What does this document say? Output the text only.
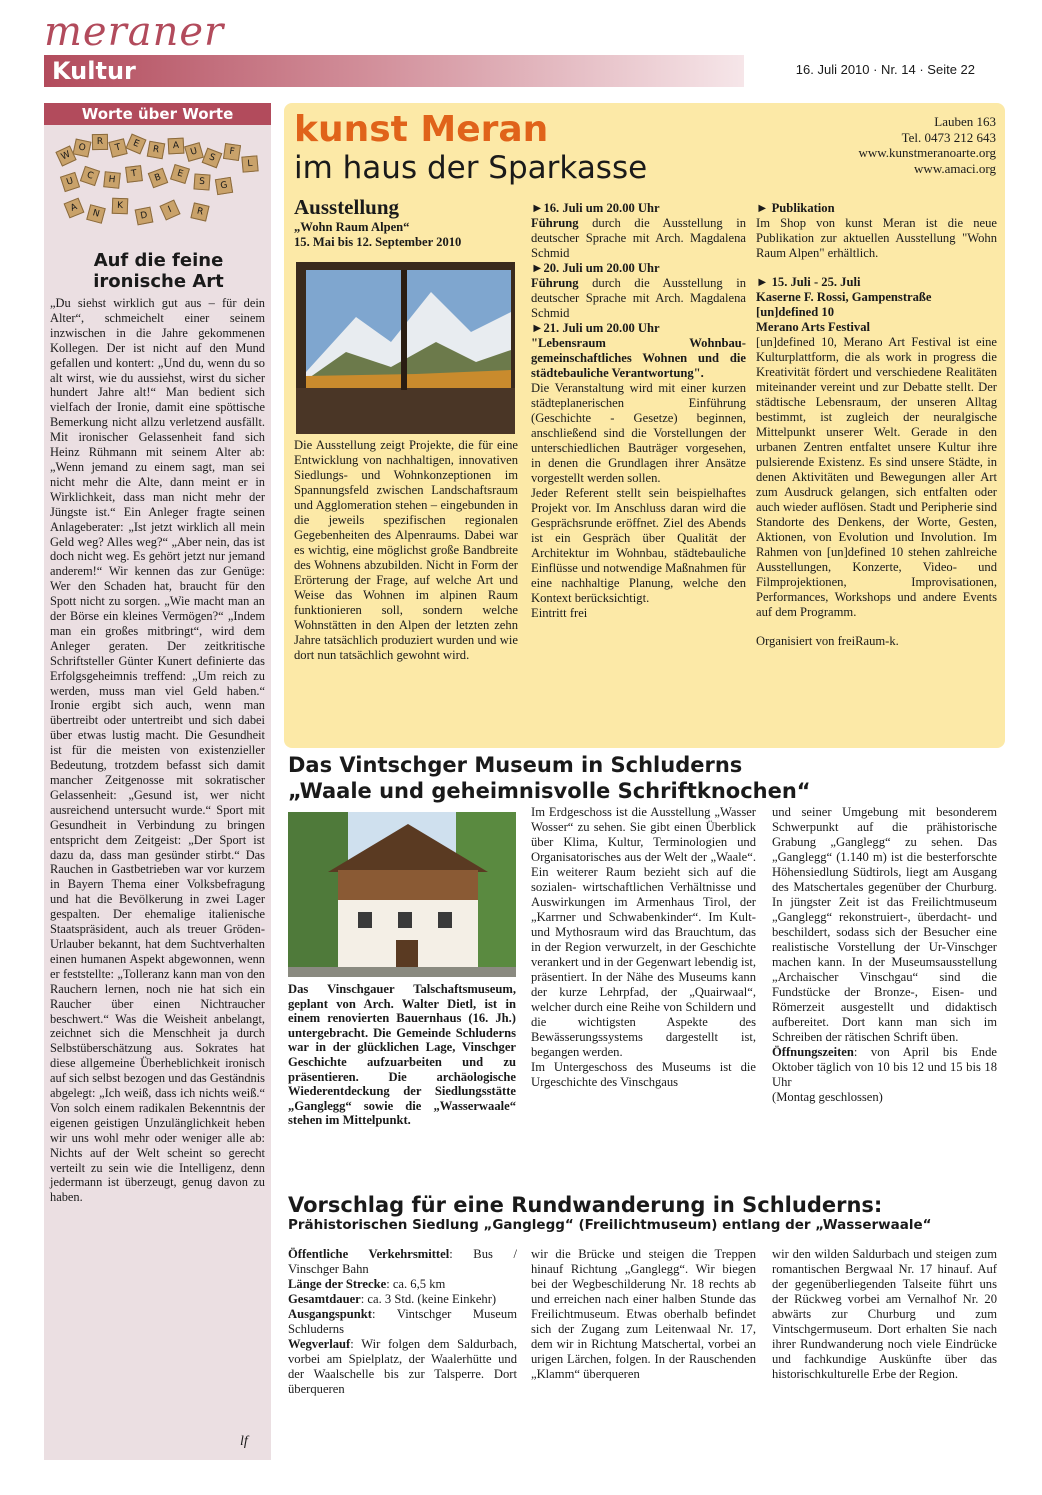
meraner
Kultur	16. Juli 2010 · Nr. 14 · Seite 22
Worte über Worte
W
O
R
T	E
R	A
U
S
F
L
U
C	H
T	B	E
S	G
A
N
K
D
I	R
Auf die feine ironische Art
„Du siehst wirklich gut aus – für dein Alter“, schmeichelt einer seinem inzwischen in die Jahre gekommenen Kollegen. Der ist nicht auf den Mund gefallen und kontert: „Und du, wenn du so alt wirst, wie du aussiehst, wirst du sicher hundert Jahre alt!“ Man bedient sich vielfach der Ironie, damit eine spöttische Bemerkung nicht allzu verletzend ausfällt. Mit ironischer Gelassenheit fand sich Heinz Rühmann mit seinem Alter ab: „Wenn jemand zu einem sagt, man sei nicht mehr die Alte, dann meint er in Wirklichkeit, dass man nicht mehr der Jüngste ist.“ Ein Anleger fragte seinen Anlageberater: „Ist jetzt wirklich all mein Geld weg? Alles weg?“ „Aber nein, das ist doch nicht weg. Es gehört jetzt nur jemand anderem!“ Wir kennen das zur Genüge: Wer den Schaden hat, braucht für den Spott nicht zu sorgen. „Wie macht man an der Börse ein kleines Vermögen?“ „Indem man ein großes mitbringt“, wird dem Anleger geraten. Der zeitkritische Schriftsteller Günter Kunert definierte das Erfolgsgeheimnis treffend: „Um reich zu werden, muss man viel Geld haben.“ Ironie ergibt sich auch, wenn man übertreibt oder untertreibt und sich dabei über etwas lustig macht. Die Gesundheit ist für die meisten von existenzieller Bedeutung, trotzdem befasst sich damit mancher Zeitgenosse mit sokratischer Gelassenheit: „Gesund ist, wer nicht ausreichend untersucht wurde.“ Sport mit Gesundheit in Verbindung zu bringen entspricht dem Zeitgeist: „Der Sport ist dazu da, dass man gesünder stirbt.“ Das Rauchen in Gastbetrieben war vor kurzem in Bayern Thema einer Volksbefragung und hat die Bevölkerung in zwei Lager gespalten. Der ehemalige italienische Staatspräsident, auch als treuer Gröden-Urlauber bekannt, hat dem Suchtverhalten einen humanen Aspekt abgewonnen, wenn er feststellte: „Tolleranz kann man von den Rauchern lernen, noch nie hat sich ein Raucher über einen Nichtraucher beschwert.“ Was die Weisheit anbelangt, zeichnet sich die Menschheit ja durch Selbstüberschätzung aus. Sokrates hat diese allgemeine Überheblichkeit ironisch auf sich selbst bezogen und das Geständnis abgelegt: „Ich weiß, dass ich nichts weiß.“ Von solch einem radikalen Bekenntnis der eigenen geistigen Unzulänglichkeit heben wir uns wohl mehr oder weniger alle ab: Nichts auf der Welt scheint so gerecht verteilt zu sein wie die Intelligenz, denn jedermann ist überzeugt, genug davon zu haben.
lf
kunst Meran
im haus der Sparkasse
Lauben 163
Tel. 0473 212 643
www.kunstmeranoarte.org
www.amaci.org
Ausstellung
„Wohn Raum Alpen“
15. Mai bis 12. September 2010
Die Ausstellung zeigt Projekte, die für eine Entwicklung von nachhaltigen, innovativen Siedlungs- und Wohnkonzeptionen im Spannungsfeld zwischen Landschaftsraum und Agglomeration stehen – eingebunden in die jeweils spezifischen regionalen Gegebenheiten des Alpenraums. Dabei war es wichtig, eine möglichst große Bandbreite des Wohnens abzubilden. Nicht in Form der Erörterung der Frage, auf welche Art und Weise das Wohnen im alpinen Raum funktionieren soll, sondern welche Wohnstätten in den Alpen der letzten zehn Jahre tatsächlich produziert wurden und wie dort nun tatsächlich gewohnt wird.
►16. Juli um 20.00 Uhr
Führung durch die Ausstellung in deutscher Sprache mit Arch. Magdalena Schmid
►20. Juli um 20.00 Uhr
Führung durch die Ausstellung in deutscher Sprache mit Arch. Magdalena Schmid
►21. Juli um 20.00 Uhr
"Lebensraum Wohnbau- gemeinschaftliches Wohnen und die städtebauliche Verantwortung".
Die Veranstaltung wird mit einer kurzen städteplanerischen Einführung (Geschichte - Gesetze) beginnen, anschließend sind die Vorstellungen der unterschiedlichen Bauträger vorgesehen, in denen die Grundlagen ihrer Ansätze vorgestellt werden sollen.
Jeder Referent stellt sein beispielhaftes Projekt vor. Im Anschluss daran wird die Gesprächsrunde eröffnet. Ziel des Abends ist ein Gespräch über Qualität der Architektur im Wohnbau, städtebauliche Einflüsse und notwendige Maßnahmen für eine nachhaltige Planung, welche den Kontext berücksichtigt.
Eintritt frei
► Publikation
Im Shop von kunst Meran ist die neue Publikation zur aktuellen Ausstellung "Wohn Raum Alpen" erhältlich.
► 15. Juli - 25. Juli
Kaserne F. Rossi, Gampenstraße
[un]defined 10
Merano Arts Festival
[un]defined 10, Merano Art Festival ist eine Kulturplattform, die als work in progress die Kreativität fördert und verschiedene Realitäten miteinander vereint und zur Debatte stellt. Der städtische Lebensraum, der unseren Alltag bestimmt, ist zugleich der neuralgische Mittelpunkt unserer Welt. Gerade in den urbanen Zentren entfaltet unsere Kultur ihre pulsierende Existenz. Es sind unsere Städte, in denen Aktivitäten und Bewegungen aller Art zum Ausdruck gelangen, sich entfalten oder auch wieder auflösen. Stadt und Peripherie sind Standorte des Denkens, der Worte, Gesten, Aktionen, von Evolution und Involution. Im Rahmen von [un]defined 10 stehen zahlreiche Ausstellungen, Konzerte, Video- und Filmprojektionen, Improvisationen, Performances, Workshops und andere Events auf dem Programm.
Organisiert von freiRaum-k.
Das Vintschger Museum in Schluderns
„Waale und geheimnisvolle Schriftknochen“
Das Vinschgauer Talschaftsmuseum, geplant von Arch. Walter Dietl, ist in einem renovierten Bauernhaus (16. Jh.) untergebracht. Die Gemeinde Schluderns war in der glücklichen Lage, Vinschger Geschichte aufzuarbeiten und zu präsentieren. Die archäologische Wiederentdeckung der Siedlungsstätte „Ganglegg“ sowie die „Wasserwaale“ stehen im Mittelpunkt.
Im Erdgeschoss ist die Ausstellung „Wasser Wosser“ zu sehen. Sie gibt einen Überblick über Klima, Kultur, Terminologien und Organisatorisches aus der Welt der „Waale“. Ein weiterer Raum bezieht sich auf die sozialen- wirtschaftlichen Verhältnisse und Auswirkungen im Armenhaus Tirol, der „Karrner und Schwabenkinder“. Im Kult- und Mythosraum wird das Brauchtum, das in der Region verwurzelt, in der Geschichte verankert und in der Gegenwart lebendig ist, präsentiert. In der Nähe des Museums kann der kurze Lehrpfad, der „Quairwaal“, welcher durch eine Reihe von Schildern und die wichtigsten Aspekte des Bewässerungssystems dargestellt ist, begangen werden.
Im Untergeschoss des Museums ist die Urgeschichte des Vinschgaus
und seiner Umgebung mit besonderem Schwerpunkt auf die prähistorische Grabung „Ganglegg“ zu sehen. Das „Ganglegg“ (1.140 m) ist die besterforschte Höhensiedlung Südtirols, liegt am Ausgang des Matschertales gegenüber der Churburg. In jüngster Zeit ist das Freilichtmuseum „Ganglegg“ rekonstruiert-, überdacht- und beschildert, sodass sich der Besucher eine realistische Vorstellung der Ur-Vinschger machen kann. In der Museumsausstellung „Archaischer Vinschgau“ sind die Fundstücke der Bronze-, Eisen- und Römerzeit ausgestellt und didaktisch aufbereitet. Dort kann man sich im Schreiben der rätischen Schrift üben.
Öffnungszeiten: von April bis Ende Oktober täglich von 10 bis 12 und 15 bis 18 Uhr
(Montag geschlossen)
Vorschlag für eine Rundwanderung in Schluderns:
Prähistorischen Siedlung „Ganglegg“ (Freilichtmuseum) entlang der „Wasserwaale“
Öffentliche Verkehrsmittel: Bus / Vinschger Bahn
Länge der Strecke: ca. 6,5 km
Gesamtdauer: ca. 3 Std. (keine Einkehr)
Ausgangspunkt: Vintschger Museum Schluderns
Wegverlauf: Wir folgen dem Saldurbach, vorbei am Spielplatz, der Waalerhütte und der Waalschelle bis zur Talsperre. Dort überqueren
wir die Brücke und steigen die Treppen hinauf Richtung „Ganglegg“. Wir biegen bei der Wegbeschilderung Nr. 18 rechts ab und erreichen nach einer halben Stunde das Freilichtmuseum. Etwas oberhalb befindet sich der Zugang zum Leitenwaal Nr. 17, dem wir in Richtung Matschertal, vorbei an urigen Lärchen, folgen. In der Rauschenden „Klamm“ überqueren
wir den wilden Saldurbach und steigen zum romantischen Bergwaal Nr. 17 hinauf. Auf der gegenüberliegenden Talseite führt uns der Rückweg vorbei am Vernalhof Nr. 20 abwärts zur Churburg und zum Vintschgermuseum. Dort erhalten Sie nach ihrer Rundwanderung noch viele Eindrücke und fachkundige Auskünfte über das historischkulturelle Erbe der Region.
